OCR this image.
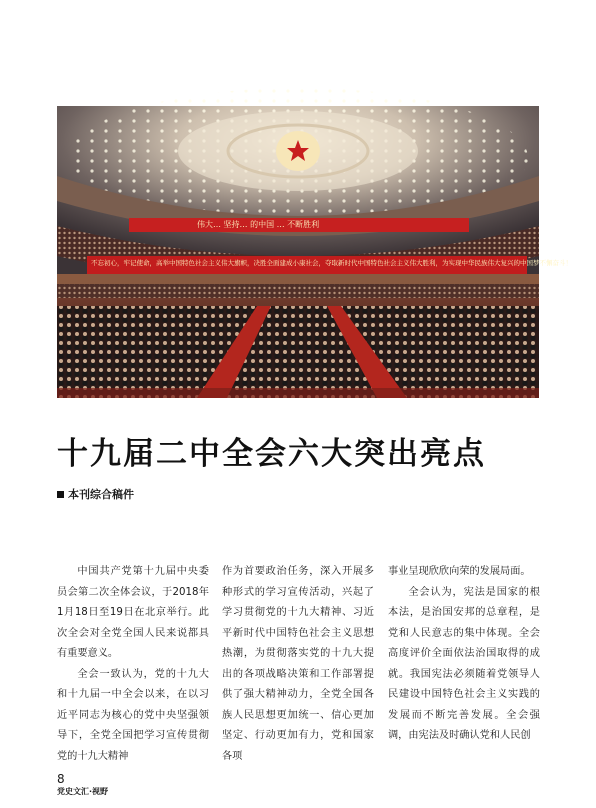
伟大… 坚持… 的中国 … 不断胜利
不忘初心，牢记使命，高举中国特色社会主义伟大旗帜，决胜全面建成小康社会，夺取新时代中国特色社会主义伟大胜利，为实现中华民族伟大复兴的中国梦不懈奋斗！
十九届二中全会六大突出亮点
本刊综合稿件

中国共产党第十九届中央委员会第二次全体会议，于2018年1月18日至19日在北京举行。此次全会对全党全国人民来说都具有重要意义。

全会一致认为，党的十九大和十九届一中全会以来，在以习近平同志为核心的党中央坚强领导下，全党全国把学习宣传贯彻党的十九大精神

作为首要政治任务，深入开展多种形式的学习宣传活动，兴起了学习贯彻党的十九大精神、习近平新时代中国特色社会主义思想热潮，为贯彻落实党的十九大提出的各项战略决策和工作部署提供了强大精神动力，全党全国各族人民思想更加统一、信心更加坚定、行动更加有力，党和国家各项

事业呈现欣欣向荣的发展局面。

全会认为，宪法是国家的根本法，是治国安邦的总章程，是党和人民意志的集中体现。全会高度评价全面依法治国取得的成就。我国宪法必须随着党领导人民建设中国特色社会主义实践的发展而不断完善发展。全会强调，由宪法及时确认党和人民创

8
党史文汇·视野
